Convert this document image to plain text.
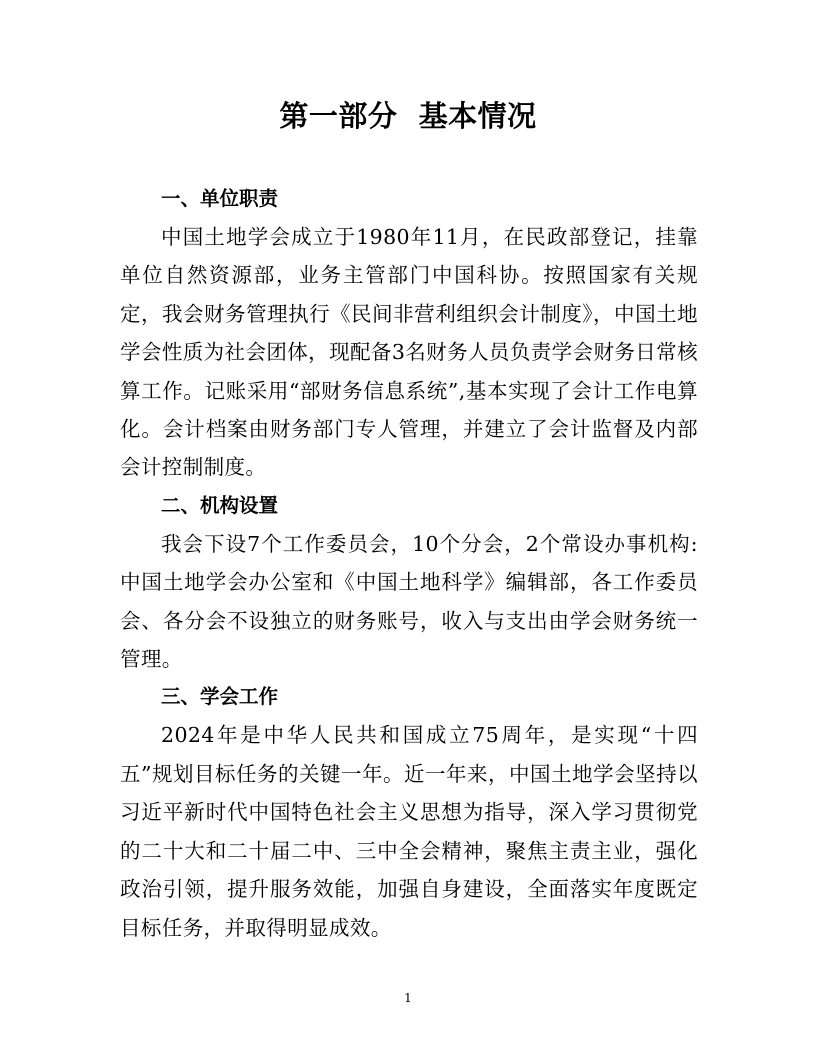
第一部分  基本情况
一、单位职责

中国土地学会成立于1980年11月，在民政部登记，挂靠单位自然资源部，业务主管部门中国科协。按照国家有关规定，我会财务管理执行《民间非营利组织会计制度》，中国土地学会性质为社会团体，现配备3名财务人员负责学会财务日常核算工作。记账采用“部财务信息系统”,基本实现了会计工作电算化。会计档案由财务部门专人管理，并建立了会计监督及内部会计控制制度。

二、机构设置

我会下设7个工作委员会，10个分会，2个常设办事机构:中国土地学会办公室和《中国土地科学》编辑部，各工作委员会、各分会不设独立的财务账号，收入与支出由学会财务统一管理。

三、学会工作

2024年是中华人民共和国成立75周年，是实现“十四五”规划目标任务的关键一年。近一年来，中国土地学会坚持以习近平新时代中国特色社会主义思想为指导，深入学习贯彻党的二十大和二十届二中、三中全会精神，聚焦主责主业，强化政治引领，提升服务效能，加强自身建设，全面落实年度既定目标任务，并取得明显成效。

1
